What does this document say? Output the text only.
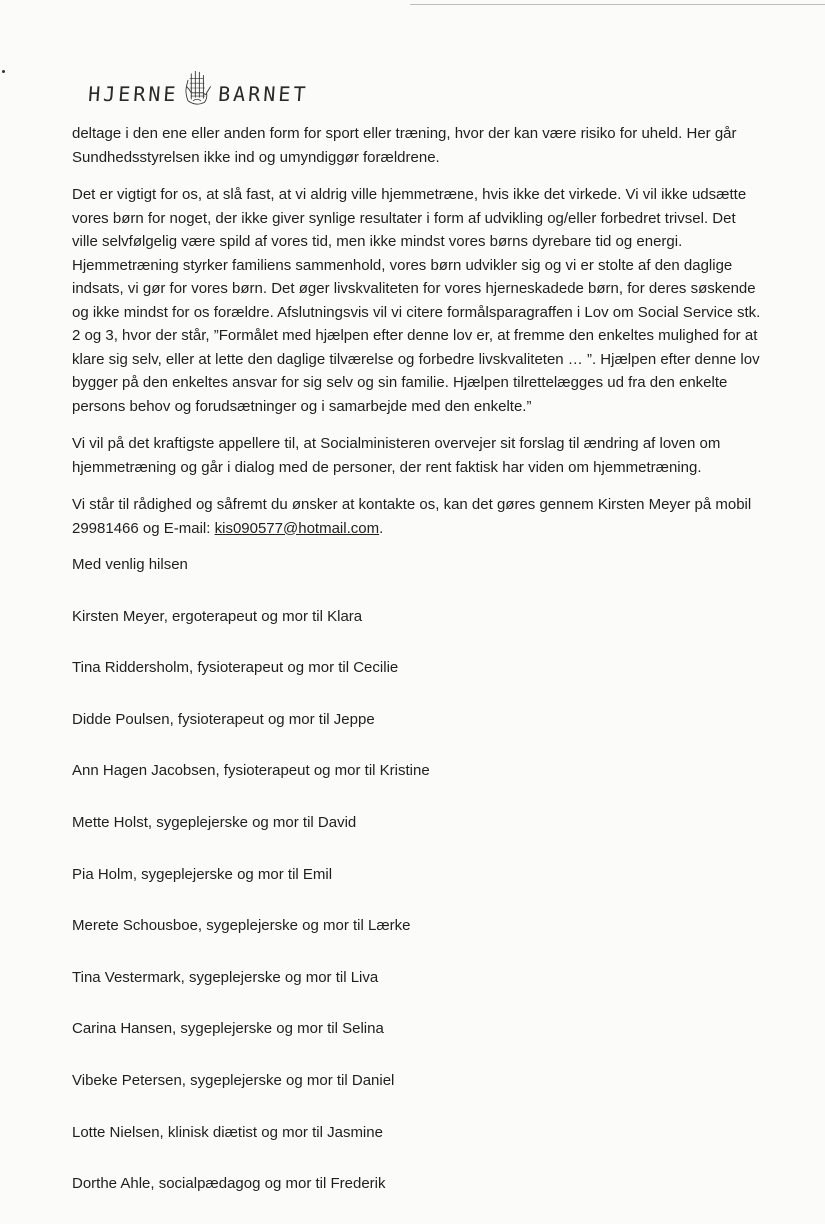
HJERNE BARNET

deltage i den ene eller anden form for sport eller træning, hvor der kan være risiko for uheld. Her går Sundhedsstyrelsen ikke ind og umyndiggør forældrene.

Det er vigtigt for os, at slå fast, at vi aldrig ville hjemmetræne, hvis ikke det virkede. Vi vil ikke udsætte vores børn for noget, der ikke giver synlige resultater i form af udvikling og/eller forbedret trivsel. Det ville selvfølgelig være spild af vores tid, men ikke mindst vores børns dyrebare tid og energi. Hjemmetræning styrker familiens sammenhold, vores børn udvikler sig og vi er stolte af den daglige indsats, vi gør for vores børn. Det øger livskvaliteten for vores hjerneskadede børn, for deres søskende og ikke mindst for os forældre. Afslutningsvis vil vi citere formålsparagraffen i Lov om Social Service stk. 2 og 3, hvor der står, ”Formålet med hjælpen efter denne lov er, at fremme den enkeltes mulighed for at klare sig selv, eller at lette den daglige tilværelse og forbedre livskvaliteten … ”. Hjælpen efter denne lov bygger på den enkeltes ansvar for sig selv og sin familie. Hjælpen tilrettelægges ud fra den enkelte persons behov og forudsætninger og i samarbejde med den enkelte.”

Vi vil på det kraftigste appellere til, at Socialministeren overvejer sit forslag til ændring af loven om hjemmetræning og går i dialog med de personer, der rent faktisk har viden om hjemmetræning.

Vi står til rådighed og såfremt du ønsker at kontakte os, kan det gøres gennem Kirsten Meyer på mobil 29981466 og E-mail: kis090577@hotmail.com.

Med venlig hilsen

Kirsten Meyer, ergoterapeut og mor til Klara

Tina Riddersholm, fysioterapeut og mor til Cecilie

Didde Poulsen, fysioterapeut og mor til Jeppe

Ann Hagen Jacobsen, fysioterapeut og mor til Kristine

Mette Holst, sygeplejerske og mor til David

Pia Holm, sygeplejerske og mor til Emil

Merete Schousboe, sygeplejerske og mor til Lærke

Tina Vestermark, sygeplejerske og mor til Liva

Carina Hansen, sygeplejerske og mor til Selina

Vibeke Petersen, sygeplejerske og mor til Daniel

Lotte Nielsen, klinisk diætist og mor til Jasmine

Dorthe Ahle, socialpædagog og mor til Frederik
